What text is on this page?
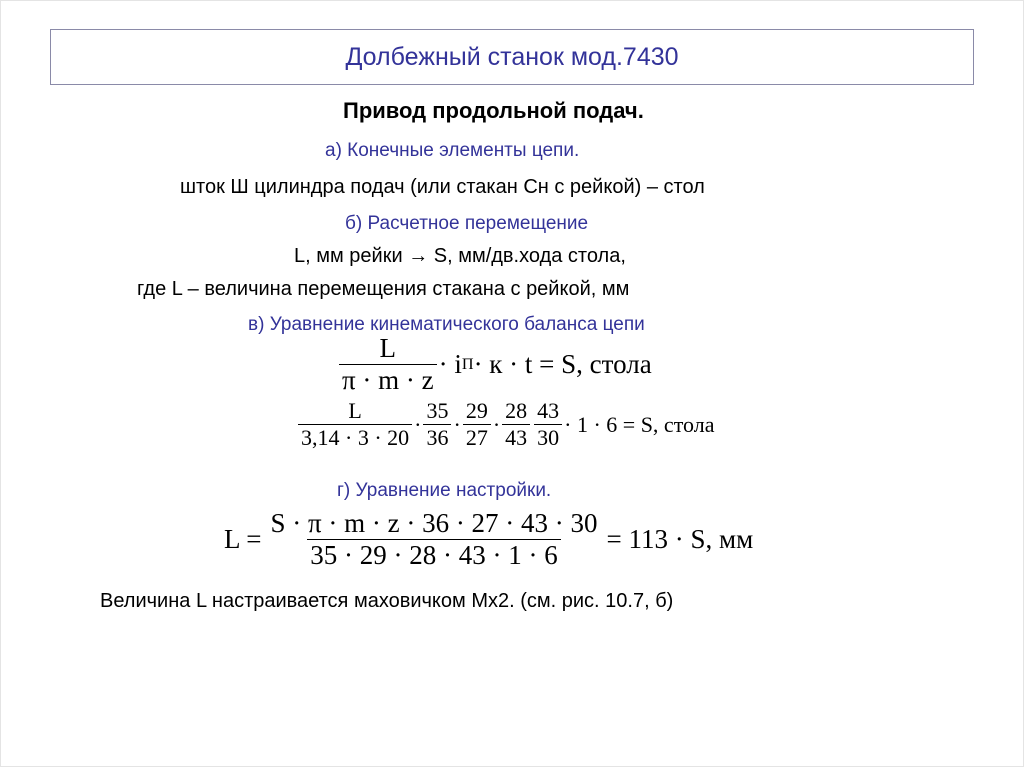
Долбежный станок мод.7430
Привод продольной подач.
а) Конечные элементы цепи.
шток Ш цилиндра подач (или стакан Сн с рейкой) – стол
б) Расчетное перемещение
L, мм рейки → S, мм/дв.хода стола,
где L – величина перемещения стакана с рейкой, мм
в) Уравнение кинематического баланса цепи
$\frac{L}{\pi \cdot m \cdot z} \cdot i$ П · к · t = S, стола
$\frac{L}{3,14 \cdot 3 \cdot 20} \cdot \frac{35}{36} \cdot \frac{29}{27} \cdot \frac{28}{43} \frac{43}{30} \cdot 1 \cdot 6 = S$, стола
г) Уравнение настройки.
$L = \frac{S \cdot \pi \cdot m \cdot z \cdot 36 \cdot 27 \cdot 43 \cdot 30}{35 \cdot 29 \cdot 28 \cdot 43 \cdot 1 \cdot 6} = 113 \cdot S$, мм
Величина L настраивается маховичком Мх2. (см. рис. 10.7, б)
